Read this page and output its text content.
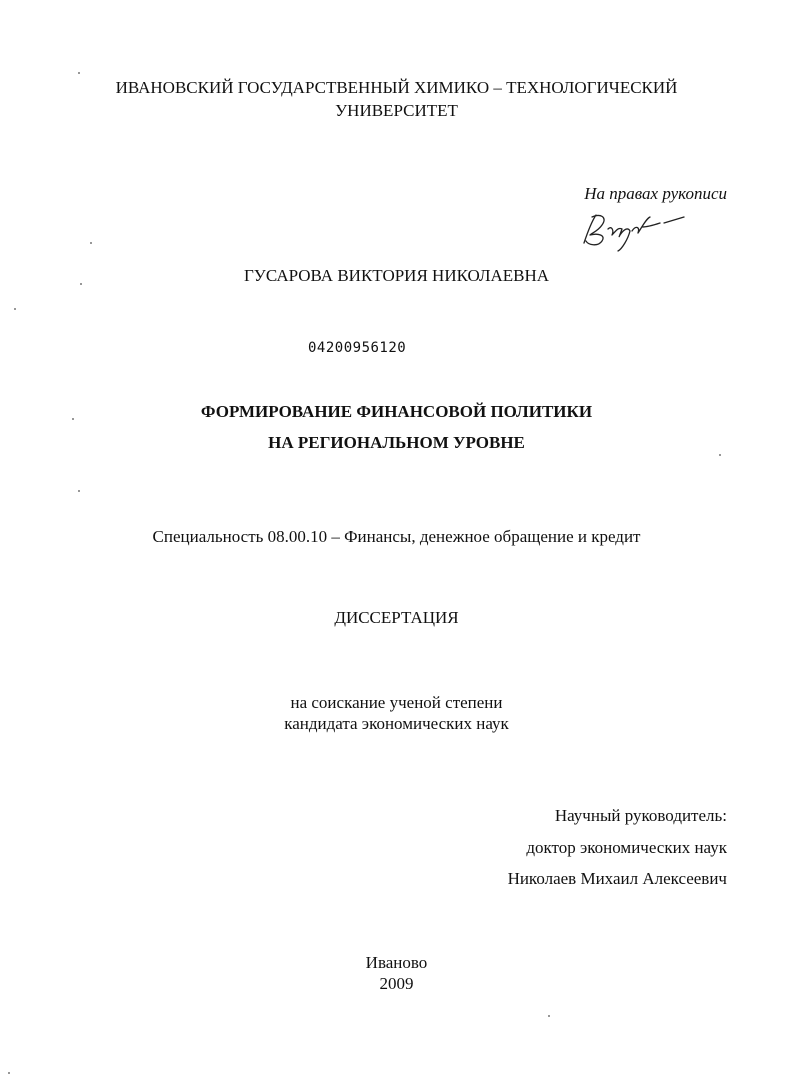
ИВАНОВСКИЙ ГОСУДАРСТВЕННЫЙ ХИМИКО – ТЕХНОЛОГИЧЕСКИЙ
УНИВЕРСИТЕТ
На правах рукописи
ГУСАРОВА ВИКТОРИЯ НИКОЛАЕВНА
04200956120
ФОРМИРОВАНИЕ ФИНАНСОВОЙ ПОЛИТИКИ
НА РЕГИОНАЛЬНОМ УРОВНЕ
Специальность 08.00.10 – Финансы, денежное обращение и кредит
ДИССЕРТАЦИЯ
на соискание ученой степени
кандидата экономических наук
Научный руководитель:
доктор экономических наук
Николаев Михаил Алексеевич
Иваново
2009
